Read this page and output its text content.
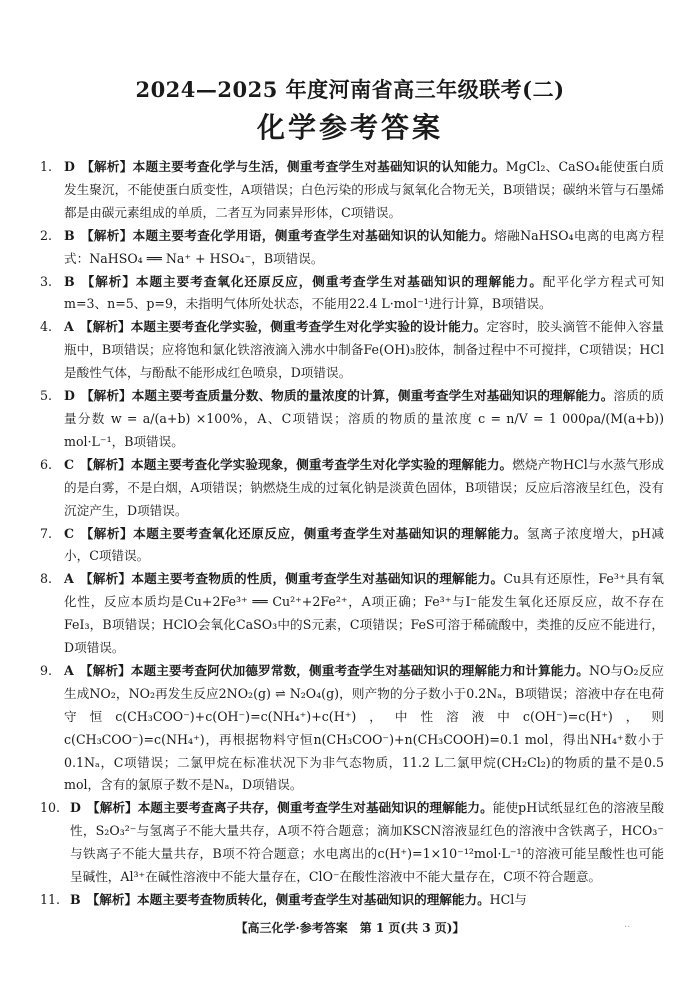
2024—2025 年度河南省高三年级联考(二)
化学参考答案

1. D 【解析】本题主要考查化学与生活，侧重考查学生对基础知识的认知能力。MgCl₂、CaSO₄能使蛋白质发生聚沉，不能使蛋白质变性，A项错误；白色污染的形成与氮氧化合物无关，B项错误；碳纳米管与石墨烯都是由碳元素组成的单质，二者互为同素异形体，C项错误。

2. B 【解析】本题主要考查化学用语，侧重考查学生对基础知识的认知能力。熔融NaHSO₄电离的电离方程式：NaHSO₄ ══ Na⁺ + HSO₄⁻，B项错误。

3. B 【解析】本题主要考查氧化还原反应，侧重考查学生对基础知识的理解能力。配平化学方程式可知m=3、n=5、p=9，未指明气体所处状态，不能用22.4 L·mol⁻¹进行计算，B项错误。

4. A 【解析】本题主要考查化学实验，侧重考查学生对化学实验的设计能力。定容时，胶头滴管不能伸入容量瓶中，B项错误；应将饱和氯化铁溶液滴入沸水中制备Fe(OH)₃胶体，制备过程中不可搅拌，C项错误；HCl是酸性气体，与酚酞不能形成红色喷泉，D项错误。

5. D 【解析】本题主要考查质量分数、物质的量浓度的计算，侧重考查学生对基础知识的理解能力。溶质的质量分数 w = a/(a+b) ×100%，A、C项错误；溶质的物质的量浓度 c = n/V = 1 000ρa/(M(a+b)) mol·L⁻¹，B项错误。

6. C 【解析】本题主要考查化学实验现象，侧重考查学生对化学实验的理解能力。燃烧产物HCl与水蒸气形成的是白雾，不是白烟，A项错误；钠燃烧生成的过氧化钠是淡黄色固体，B项错误；反应后溶液呈红色，没有沉淀产生，D项错误。

7. C 【解析】本题主要考查氧化还原反应，侧重考查学生对基础知识的理解能力。氢离子浓度增大，pH减小，C项错误。

8. A 【解析】本题主要考查物质的性质，侧重考查学生对基础知识的理解能力。Cu具有还原性，Fe³⁺具有氧化性，反应本质均是Cu+2Fe³⁺ ══ Cu²⁺+2Fe²⁺，A项正确；Fe³⁺与I⁻能发生氧化还原反应，故不存在FeI₃，B项错误；HClO会氧化CaSO₃中的S元素，C项错误；FeS可溶于稀硫酸中，类推的反应不能进行，D项错误。

9. A 【解析】本题主要考查阿伏加德罗常数，侧重考查学生对基础知识的理解能力和计算能力。NO与O₂反应生成NO₂，NO₂再发生反应2NO₂(g) ⇌ N₂O₄(g)，则产物的分子数小于0.2Nₐ，B项错误；溶液中存在电荷守恒c(CH₃COO⁻)+c(OH⁻)=c(NH₄⁺)+c(H⁺)，中性溶液中c(OH⁻)=c(H⁺)，则c(CH₃COO⁻)=c(NH₄⁺)，再根据物料守恒n(CH₃COO⁻)+n(CH₃COOH)=0.1 mol，得出NH₄⁺数小于0.1Nₐ，C项错误；二氯甲烷在标准状况下为非气态物质，11.2 L二氯甲烷(CH₂Cl₂)的物质的量不是0.5 mol，含有的氯原子数不是Nₐ，D项错误。

10. D 【解析】本题主要考查离子共存，侧重考查学生对基础知识的理解能力。能使pH试纸显红色的溶液呈酸性，S₂O₃²⁻与氢离子不能大量共存，A项不符合题意；滴加KSCN溶液显红色的溶液中含铁离子，HCO₃⁻与铁离子不能大量共存，B项不符合题意；水电离出的c(H⁺)=1×10⁻¹²mol·L⁻¹的溶液可能呈酸性也可能呈碱性，Al³⁺在碱性溶液中不能大量存在，ClO⁻在酸性溶液中不能大量存在，C项不符合题意。

11. B 【解析】本题主要考查物质转化，侧重考查学生对基础知识的理解能力。HCl与

【高三化学·参考答案　第 1 页(共 3 页)】	··
